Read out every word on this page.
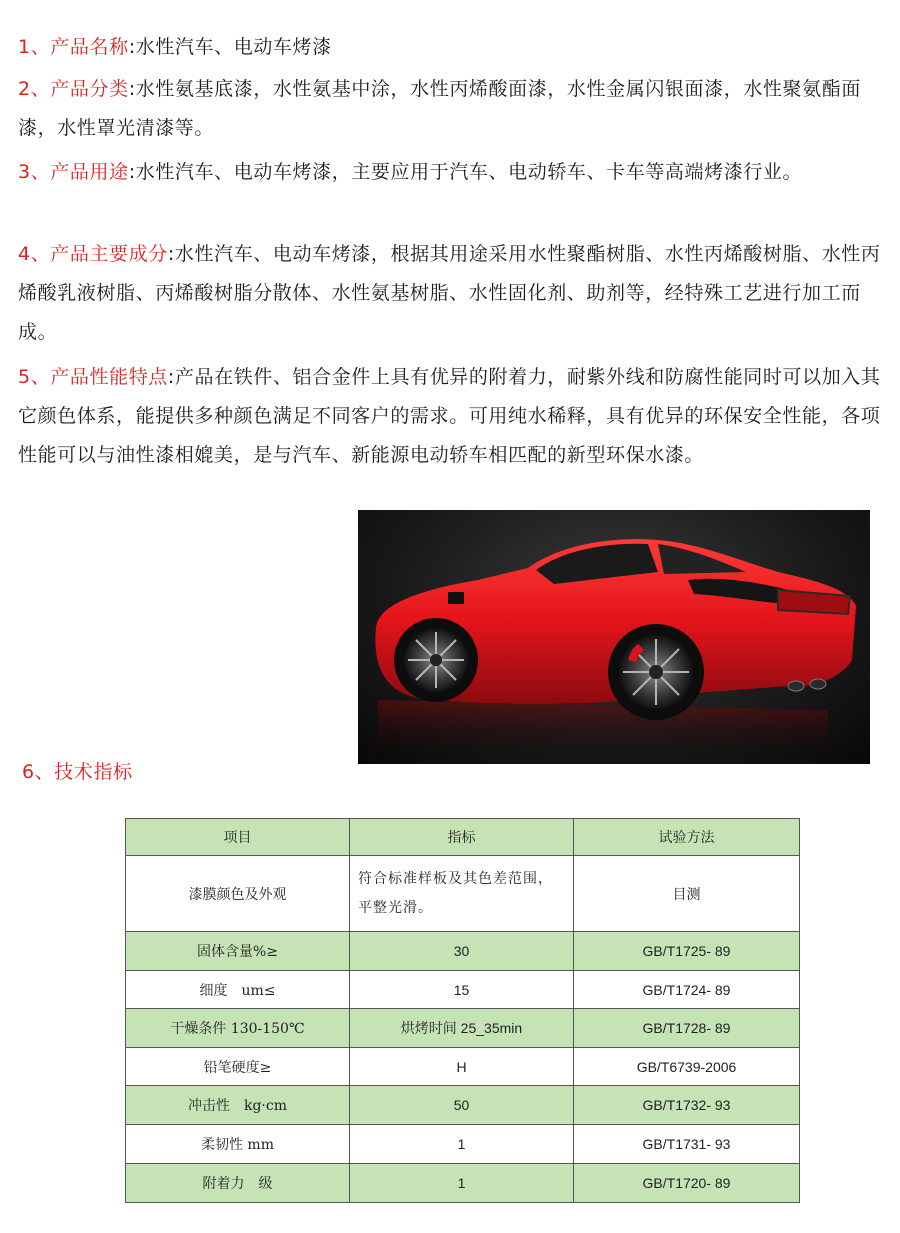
1、产品名称:水性汽车、电动车烤漆
2、产品分类:水性氨基底漆，水性氨基中涂，水性丙烯酸面漆，水性金属闪银面漆，水性聚氨酯面漆，水性罩光清漆等。
3、产品用途:水性汽车、电动车烤漆，主要应用于汽车、电动轿车、卡车等高端烤漆行业。
4、产品主要成分:水性汽车、电动车烤漆，根据其用途采用水性聚酯树脂、水性丙烯酸树脂、水性丙烯酸乳液树脂、丙烯酸树脂分散体、水性氨基树脂、水性固化剂、助剂等，经特殊工艺进行加工而成。
5、产品性能特点:产品在铁件、铝合金件上具有优异的附着力，耐紫外线和防腐性能同时可以加入其它颜色体系，能提供多种颜色满足不同客户的需求。可用纯水稀释，具有优异的环保安全性能，各项性能可以与油性漆相媲美，是与汽车、新能源电动轿车相匹配的新型环保水漆。
6、技术指标
项目	指标	试验方法
漆膜颜色及外观	符合标准样板及其色差范围，平整光滑。	目测
固体含量%≥	30	GB/T1725- 89
细度　um≤	15	GB/T1724- 89
干燥条件 130-150℃	烘烤时间 25_35min	GB/T1728- 89
铅笔硬度≥	H	GB/T6739-2006
冲击性　kg·cm	50	GB/T1732- 93
柔韧性 mm	1	GB/T1731- 93
附着力　级	1	GB/T1720- 89
